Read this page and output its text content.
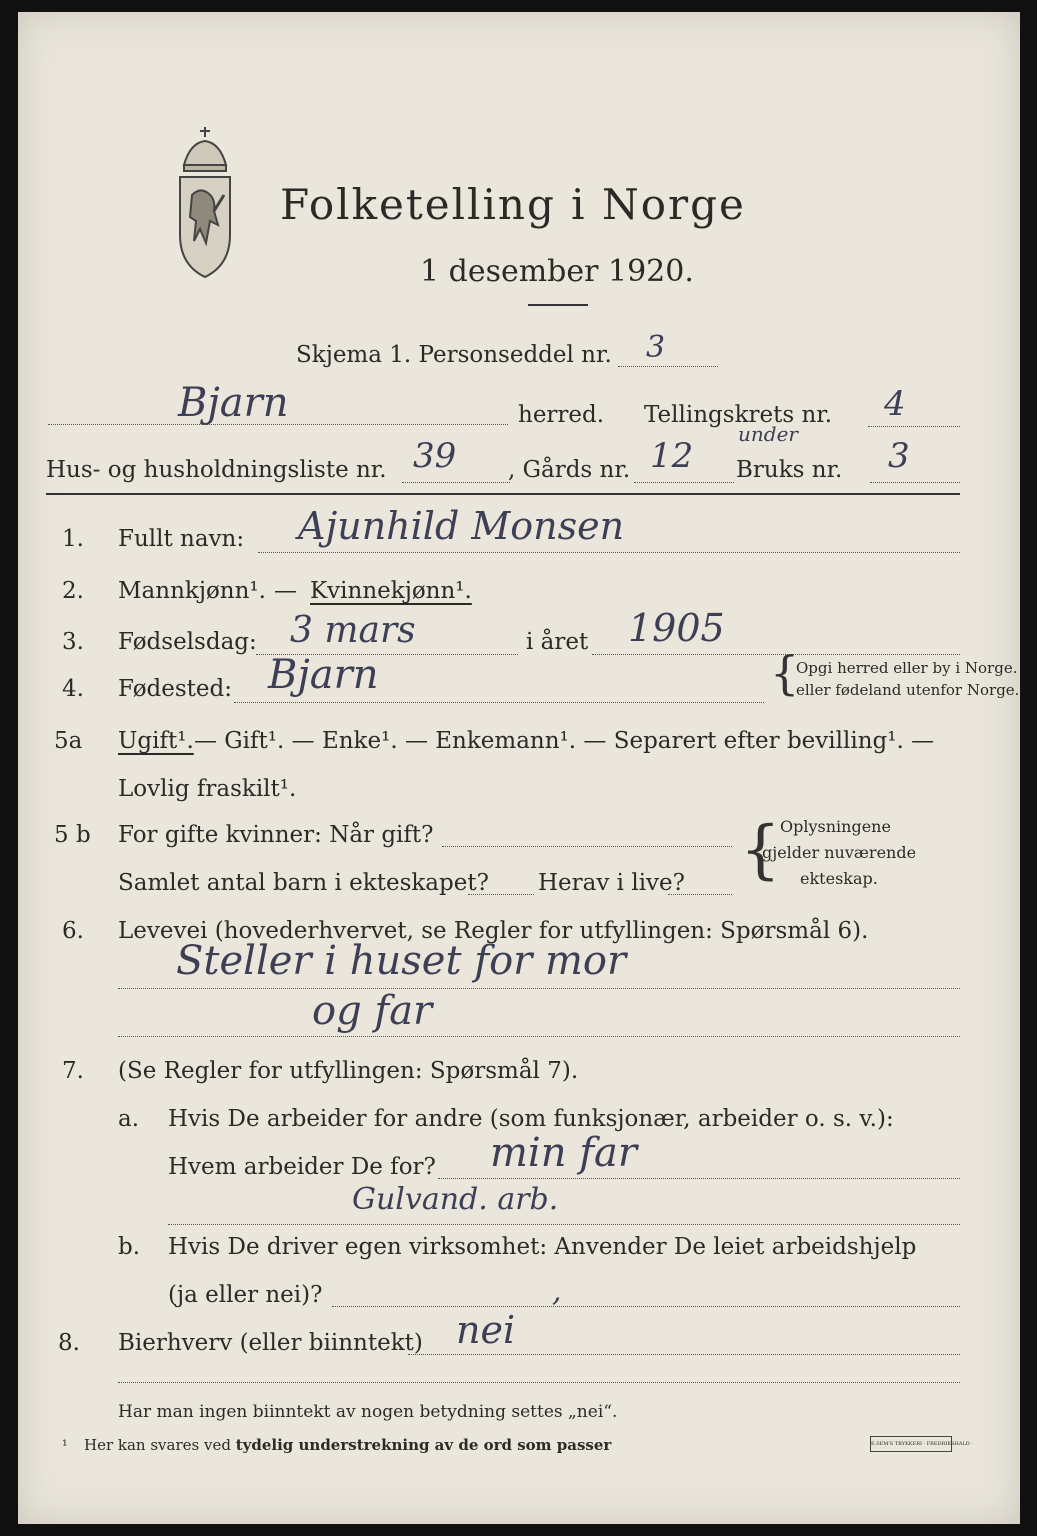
Folketelling i Norge
1 desember 1920.
Skjema 1. Personseddel nr. 3
Bjarn	herred. Tellingskrets nr. 4
Hus- og husholdningsliste nr. 39 , Gårds nr. 12
under
Bruks nr. 3
1. Fullt navn: Ajunhild Monsen
2. Mannkjønn¹. — Kvinnekjønn¹.
3. Fødselsdag: 3 mars	i året 1905
4. Fødested: Bjarn	{
Opgi herred eller by i Norge.
eller fødeland utenfor Norge.
5a Ugift¹. — Gift¹. — Enke¹. — Enkemann¹. — Separert efter bevilling¹. —
Lovlig fraskilt¹.
5 b For gifte kvinner: Når gift?
Samlet antal barn i ekteskapet? Herav i live? { Oplysningene
gjelder nuværende
ekteskap.
6. Levevei (hovederhvervet, se Regler for utfyllingen: Spørsmål 6).
Steller i huset for mor
og far
7. (Se Regler for utfyllingen: Spørsmål 7).
a. Hvis De arbeider for andre (som funksjonær, arbeider o. s. v.):
Hvem arbeider De for? min far
Gulvand. arb.
b. Hvis De driver egen virksomhet: Anvender De leiet arbeidshjelp
(ja eller nei)?	,
8. Bierhverv (eller biinntekt) nei
Har man ingen biinntekt av nogen betydning settes „nei“.
¹ Her kan svares ved tydelig understrekning av de ord som passer	E.SEM'S TRYKKERI · FREDRIKSHALD ·
